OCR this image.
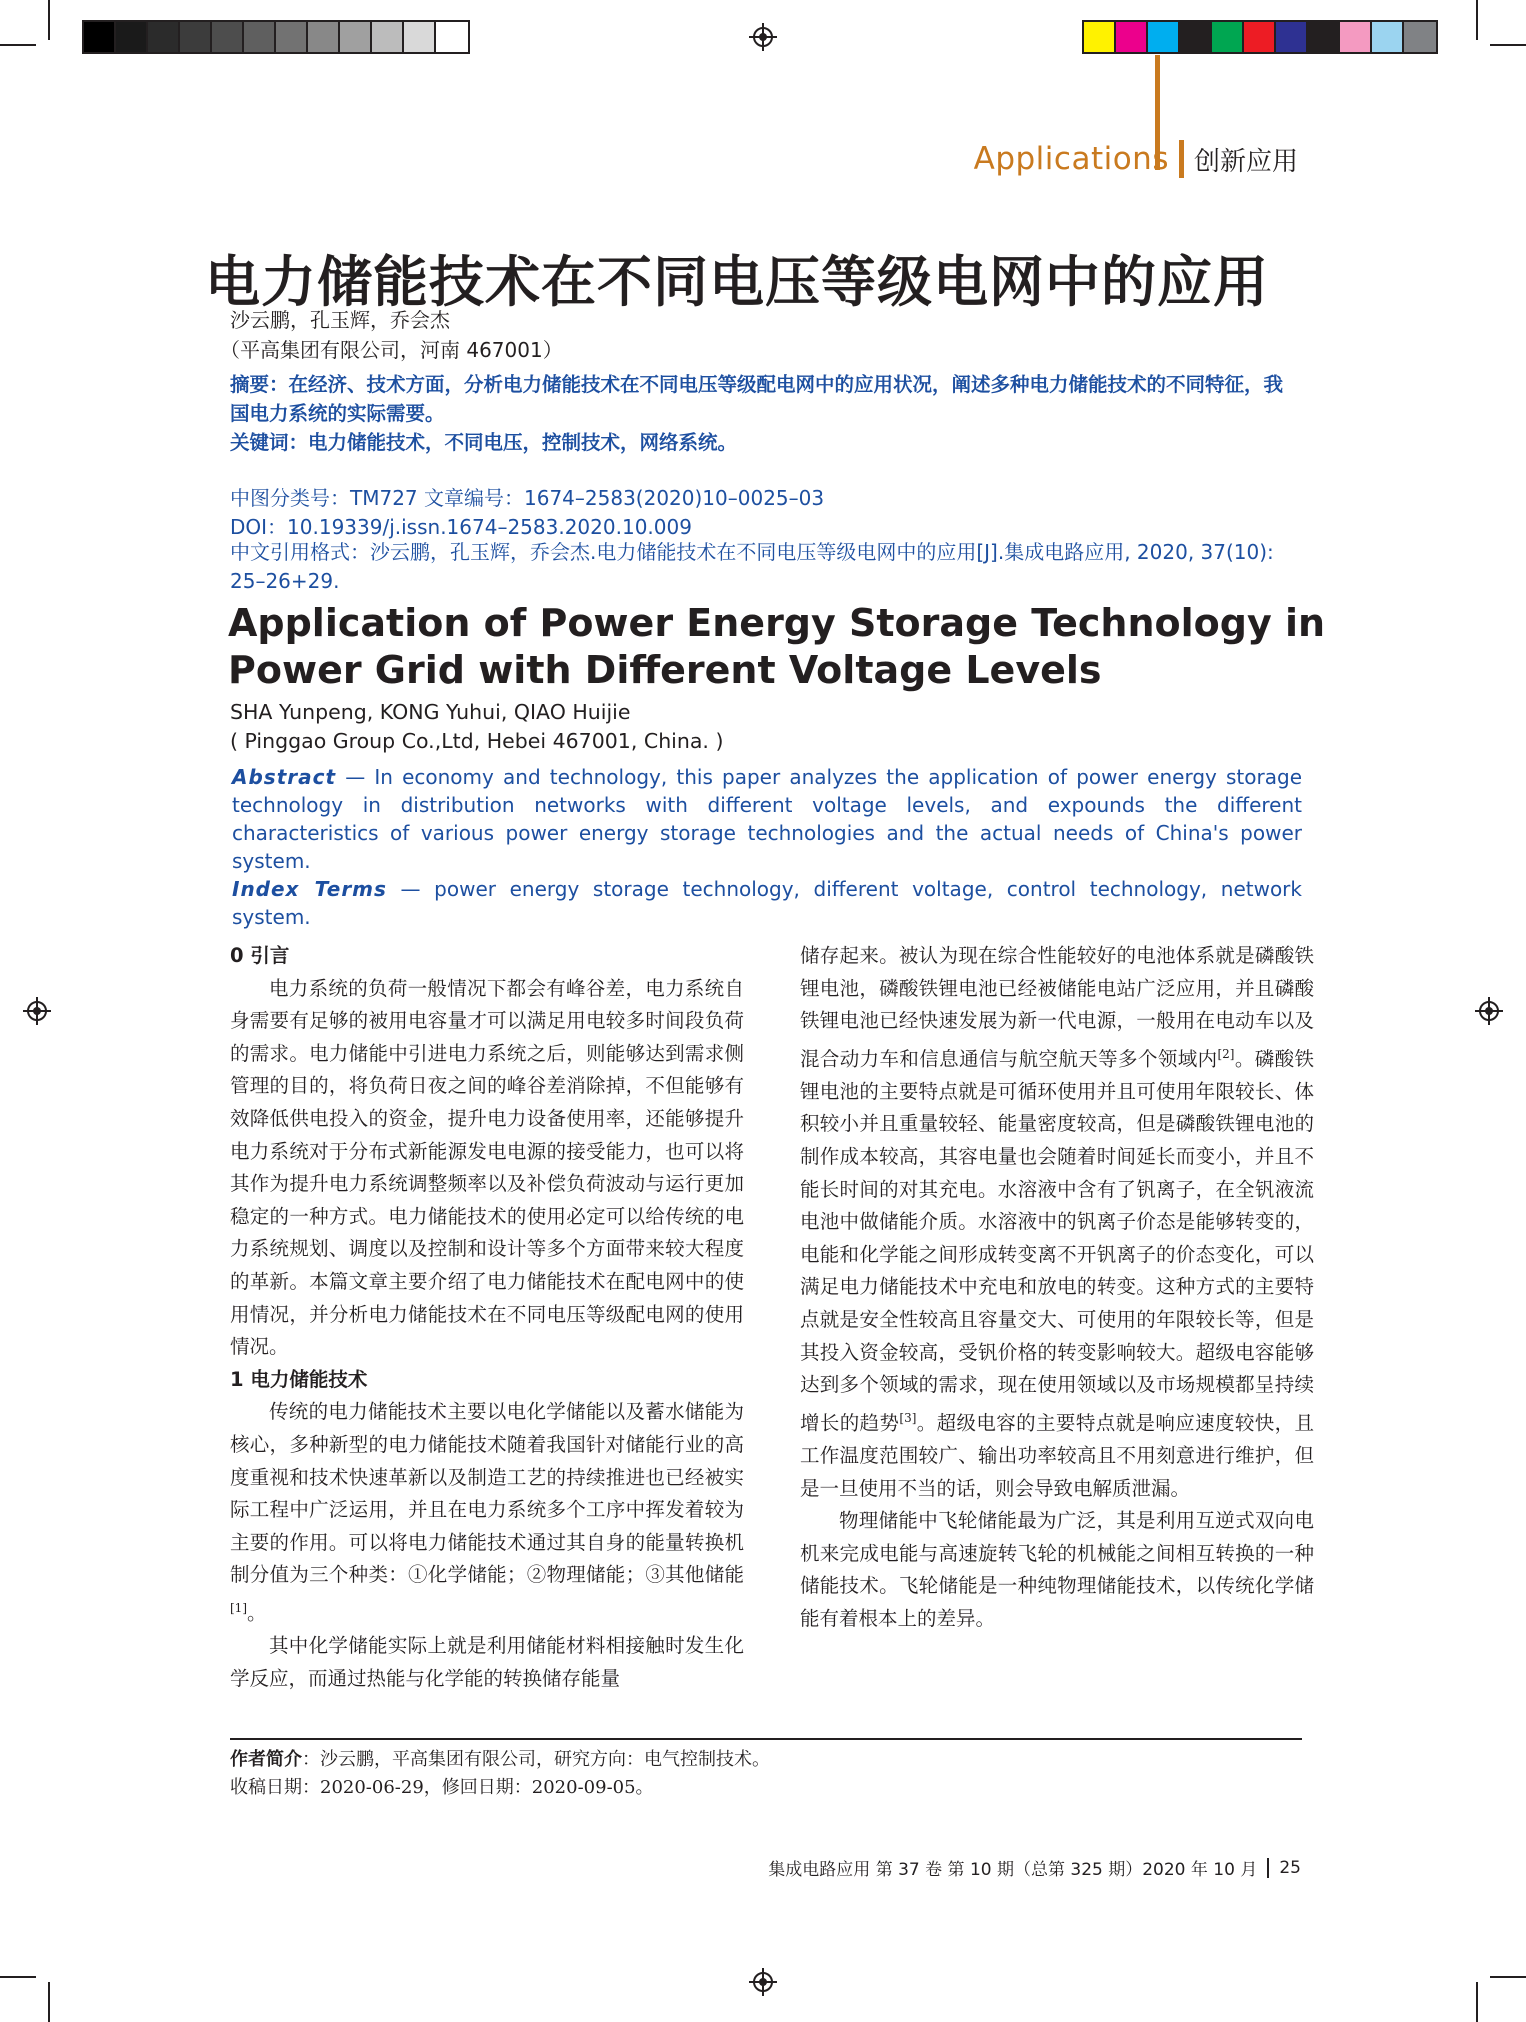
Applications 创新应用
电力储能技术在不同电压等级电网中的应用
沙云鹏，孔玉辉，乔会杰
（平高集团有限公司，河南 467001）
摘要：在经济、技术方面，分析电力储能技术在不同电压等级配电网中的应用状况，阐述多种电力储能技术的不同特征，我国电力系统的实际需要。
关键词：电力储能技术，不同电压，控制技术，网络系统。
中图分类号：TM727 文章编号：1674–2583(2020)10–0025–03
DOI：10.19339/j.issn.1674–2583.2020.10.009
中文引用格式：沙云鹏，孔玉辉，乔会杰.电力储能技术在不同电压等级电网中的应用[J].集成电路应用, 2020, 37(10): 25–26+29.
Application of Power Energy Storage Technology in Power Grid with Different Voltage Levels
SHA Yunpeng, KONG Yuhui, QIAO Huijie
( Pinggao Group Co.,Ltd, Hebei 467001, China. )
Abstract — In economy and technology, this paper analyzes the application of power energy storage technology in distribution networks with different voltage levels, and expounds the different characteristics of various power energy storage technologies and the actual needs of China's power system.
Index Terms — power energy storage technology, different voltage, control technology, network system.
0 引言

电力系统的负荷一般情况下都会有峰谷差，电力系统自身需要有足够的被用电容量才可以满足用电较多时间段负荷的需求。电力储能中引进电力系统之后，则能够达到需求侧管理的目的，将负荷日夜之间的峰谷差消除掉，不但能够有效降低供电投入的资金，提升电力设备使用率，还能够提升电力系统对于分布式新能源发电电源的接受能力，也可以将其作为提升电力系统调整频率以及补偿负荷波动与运行更加稳定的一种方式。电力储能技术的使用必定可以给传统的电力系统规划、调度以及控制和设计等多个方面带来较大程度的革新。本篇文章主要介绍了电力储能技术在配电网中的使用情况，并分析电力储能技术在不同电压等级配电网的使用情况。

1 电力储能技术

传统的电力储能技术主要以电化学储能以及蓄水储能为核心，多种新型的电力储能技术随着我国针对储能行业的高度重视和技术快速革新以及制造工艺的持续推进也已经被实际工程中广泛运用，并且在电力系统多个工序中挥发着较为主要的作用。可以将电力储能技术通过其自身的能量转换机制分值为三个种类：①化学储能；②物理储能；③其他储能[1]。

其中化学储能实际上就是利用储能材料相接触时发生化学反应，而通过热能与化学能的转换储存能量

储存起来。被认为现在综合性能较好的电池体系就是磷酸铁锂电池，磷酸铁锂电池已经被储能电站广泛应用，并且磷酸铁锂电池已经快速发展为新一代电源，一般用在电动车以及混合动力车和信息通信与航空航天等多个领域内[2]。磷酸铁锂电池的主要特点就是可循环使用并且可使用年限较长、体积较小并且重量较轻、能量密度较高，但是磷酸铁锂电池的制作成本较高，其容电量也会随着时间延长而变小，并且不能长时间的对其充电。水溶液中含有了钒离子，在全钒液流电池中做储能介质。水溶液中的钒离子价态是能够转变的，电能和化学能之间形成转变离不开钒离子的价态变化，可以满足电力储能技术中充电和放电的转变。这种方式的主要特点就是安全性较高且容量交大、可使用的年限较长等，但是其投入资金较高，受钒价格的转变影响较大。超级电容能够达到多个领域的需求，现在使用领域以及市场规模都呈持续增长的趋势[3]。超级电容的主要特点就是响应速度较快，且工作温度范围较广、输出功率较高且不用刻意进行维护，但是一旦使用不当的话，则会导致电解质泄漏。

物理储能中飞轮储能最为广泛，其是利用互逆式双向电机来完成电能与高速旋转飞轮的机械能之间相互转换的一种储能技术。飞轮储能是一种纯物理储能技术，以传统化学储能有着根本上的差异。

作者简介：沙云鹏，平高集团有限公司，研究方向：电气控制技术。
收稿日期：2020-06-29，修回日期：2020-09-05。
集成电路应用 第 37 卷 第 10 期（总第 325 期）2020 年 10 月 25
